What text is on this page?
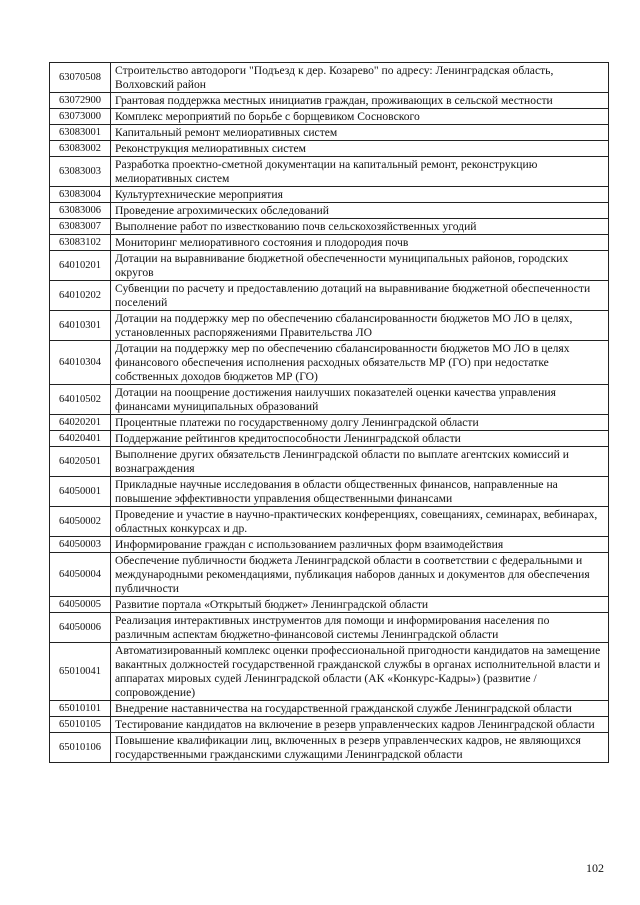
63070508	Строительство автодороги "Подъезд к дер. Козарево" по адресу: Ленинградская область, Волховский район
63072900	Грантовая поддержка местных инициатив граждан, проживающих в сельской местности
63073000	Комплекс мероприятий по борьбе с борщевиком Сосновского
63083001	Капитальный ремонт мелиоративных систем
63083002	Реконструкция мелиоративных систем
63083003	Разработка проектно-сметной документации на капитальный ремонт, реконструкцию мелиоративных систем
63083004	Культуртехнические мероприятия
63083006	Проведение агрохимических обследований
63083007	Выполнение работ по известкованию почв сельскохозяйственных угодий
63083102	Мониторинг мелиоративного состояния и плодородия почв
64010201	Дотации на выравнивание бюджетной обеспеченности муниципальных районов, городских округов
64010202	Субвенции по расчету и предоставлению дотаций на выравнивание бюджетной обеспеченности поселений
64010301	Дотации на поддержку мер по обеспечению сбалансированности бюджетов МО ЛО в целях, установленных распоряжениями Правительства ЛО
64010304	Дотации на поддержку мер по обеспечению сбалансированности бюджетов МО ЛО в целях финансового обеспечения исполнения расходных обязательств МР (ГО) при недостатке собственных доходов бюджетов МР (ГО)
64010502	Дотации на поощрение достижения наилучших показателей оценки качества управления финансами муниципальных образований
64020201	Процентные платежи по государственному долгу Ленинградской области
64020401	Поддержание рейтингов кредитоспособности Ленинградской области
64020501	Выполнение других обязательств Ленинградской области по выплате агентских комиссий и вознаграждения
64050001	Прикладные научные исследования в области общественных финансов, направленные на повышение эффективности управления общественными финансами
64050002	Проведение и участие в научно-практических конференциях, совещаниях, семинарах, вебинарах, областных конкурсах и др.
64050003	Информирование граждан с использованием различных форм взаимодействия
64050004	Обеспечение публичности бюджета Ленинградской области в соответствии с федеральными и международными рекомендациями, публикация наборов данных и документов для обеспечения публичности
64050005	Развитие портала «Открытый бюджет» Ленинградской области
64050006	Реализация интерактивных инструментов для помощи и информирования населения по различным аспектам бюджетно-финансовой системы Ленинградской области
65010041	Автоматизированный комплекс оценки профессиональной пригодности кандидатов на замещение вакантных должностей государственной гражданской службы в органах исполнительной власти и аппаратах мировых судей Ленинградской области (АК «Конкурс-Кадры») (развитие / сопровождение)
65010101	Внедрение наставничества на государственной гражданской службе Ленинградской области
65010105	Тестирование кандидатов на включение в резерв управленческих кадров Ленинградской области
65010106	Повышение квалификации лиц, включенных в резерв управленческих кадров, не являющихся государственными гражданскими служащими Ленинградской области
102
